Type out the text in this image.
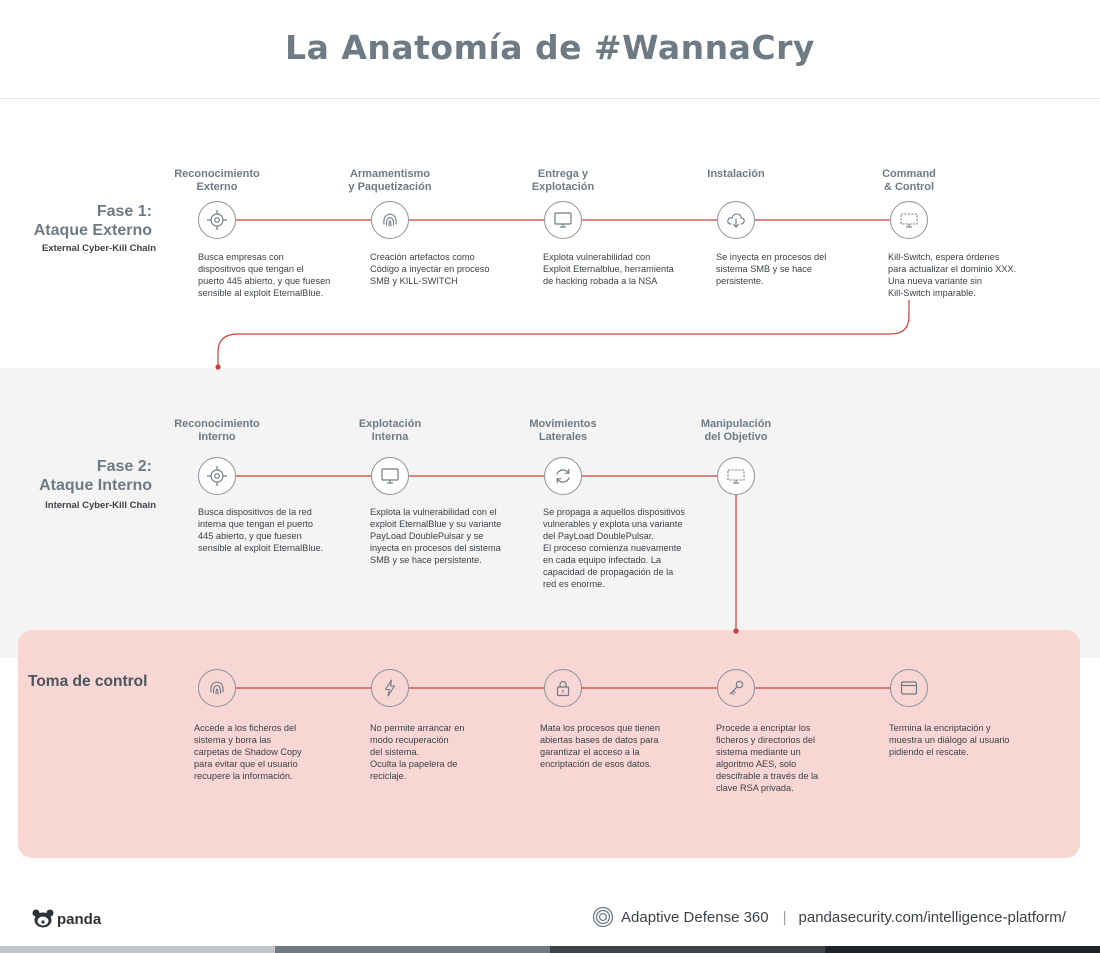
La Anatomía de #WannaCry
Fase 1:
Ataque Externo
External Cyber-Kill Chain
Reconocimiento
Externo
Busca empresas con
dispositivos que tengan el
puerto 445 abierto, y que fuesen
sensible al exploit EternalBlue.
Armamentismo
y Paquetización
Creación artefactos como
Código a inyectar en proceso
SMB y KILL-SWITCH
Entrega y
Explotación
Explota vulnerabilidad con
Exploit Eternalblue, herramienta
de hacking robada a la NSA
Instalación
Se inyecta en procesos del
sistema SMB y se hace
persistente.
Command
& Control
Kill-Switch, espera órdenes
para actualizar el dominio XXX.
Una nueva variante sin
Kill-Switch imparable.
Fase 2:
Ataque Interno
Internal Cyber-Kill Chain
Reconocimiento
Interno
Busca dispositivos de la red
interna que tengan el puerto
445 abierto, y que fuesen
sensible al exploit EternalBlue.
Explotación
Interna
Explota la vulnerabilidad con el
exploit EternalBlue y su variante
PayLoad DoublePulsar y se
inyecta en procesos del sistema
SMB y se hace persistente.
Movimientos
Laterales
Se propaga a aquellos dispositivos
vulnerables y explota una variante
del PayLoad DoublePulsar.
El proceso comienza nuevamente
en cada equipo infectado. La
capacidad de propagación de la
red es enorme.
Manipulación
del Objetivo
Toma de control
Accede a los ficheros del
sistema y borra las
carpetas de Shadow Copy
para evitar que el usuario
recupere la información.
No permite arrancar en
modo recuperación
del sistema.
Oculta la papelera de
reciclaje.
Mata los procesos que tienen
abiertas bases de datos para
garantizar el acceso a la
encriptación de esos datos.
Procede a encriptar los
ficheros y directorios del
sistema mediante un
algoritmo AES, solo
descifrable a través de la
clave RSA privada.
Termina la encriptación y
muestra un diálogo al usuario
pidiendo el rescate.
panda	Adaptive Defense 360 | pandasecurity.com/intelligence-platform/
